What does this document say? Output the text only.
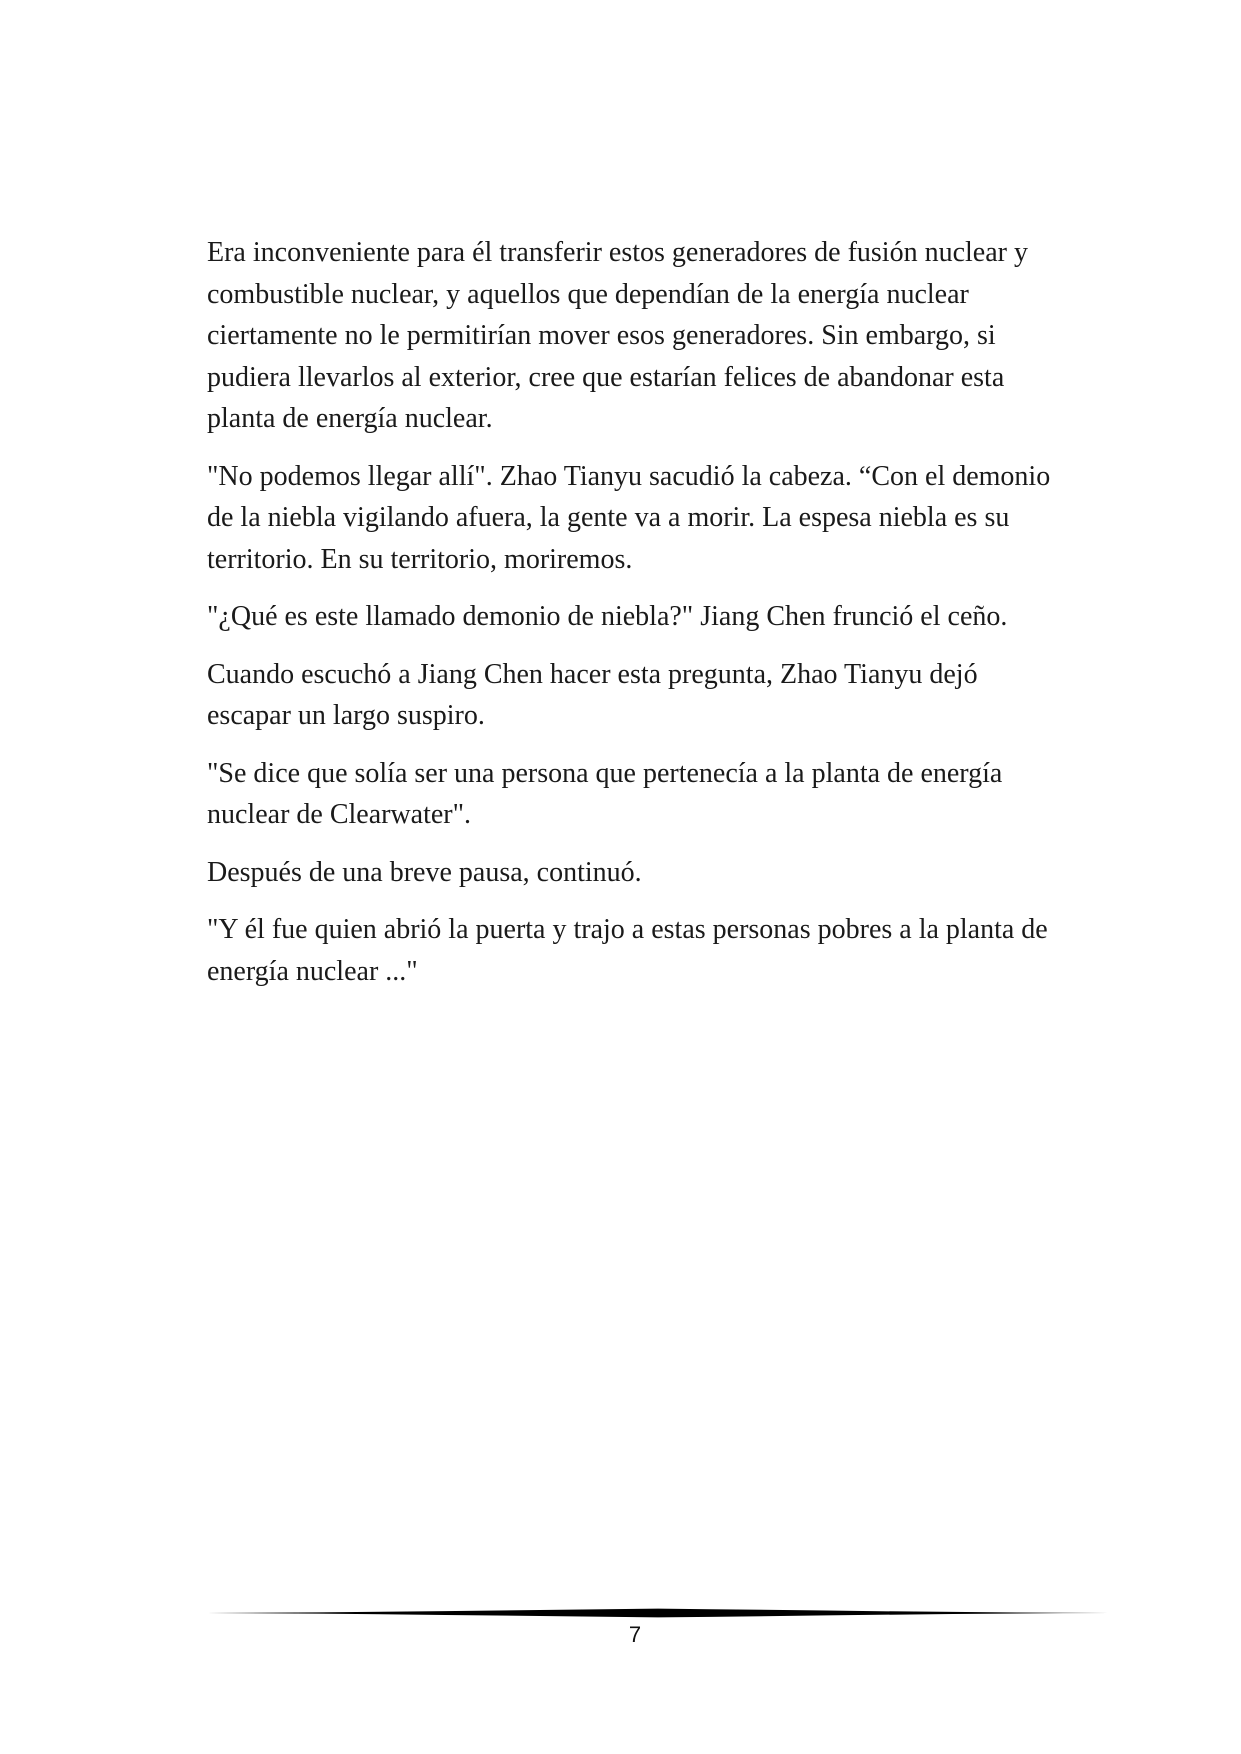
Era inconveniente para él transferir estos generadores de fusión nuclear y combustible nuclear, y aquellos que dependían de la energía nuclear ciertamente no le permitirían mover esos generadores. Sin embargo, si pudiera llevarlos al exterior, cree que estarían felices de abandonar esta planta de energía nuclear.

"No podemos llegar allí". Zhao Tianyu sacudió la cabeza. “Con el demonio de la niebla vigilando afuera, la gente va a morir. La espesa niebla es su territorio. En su territorio, moriremos.

"¿Qué es este llamado demonio de niebla?" Jiang Chen frunció el ceño.

Cuando escuchó a Jiang Chen hacer esta pregunta, Zhao Tianyu dejó escapar un largo suspiro.

"Se dice que solía ser una persona que pertenecía a la planta de energía nuclear de Clearwater".

Después de una breve pausa, continuó.

"Y él fue quien abrió la puerta y trajo a estas personas pobres a la planta de energía nuclear ..."

7
